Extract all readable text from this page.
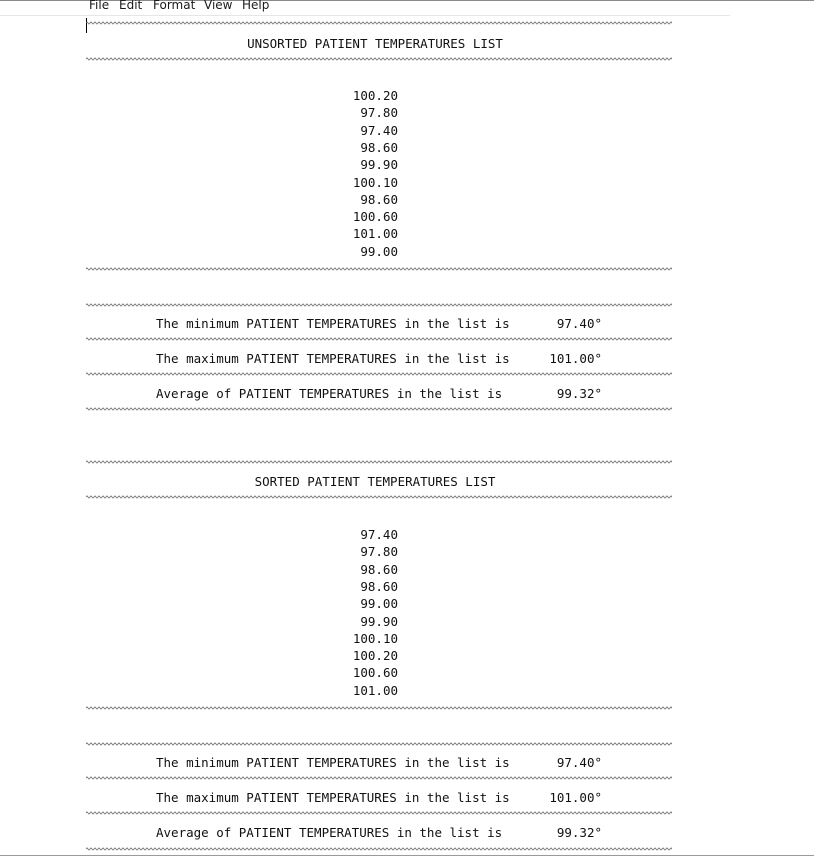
File Edit Format View Help
UNSORTED PATIENT TEMPERATURES LIST
100.20
97.80
97.40
98.60
99.90
100.10
98.60
100.60
101.00
99.00
The minimum PATIENT TEMPERATURES in the list is	97.40°
The maximum PATIENT TEMPERATURES in the list is	101.00°
Average of PATIENT TEMPERATURES in the list is	99.32°
SORTED PATIENT TEMPERATURES LIST
97.40
97.80
98.60
98.60
99.00
99.90
100.10
100.20
100.60
101.00
The minimum PATIENT TEMPERATURES in the list is	97.40°
The maximum PATIENT TEMPERATURES in the list is	101.00°
Average of PATIENT TEMPERATURES in the list is	99.32°
